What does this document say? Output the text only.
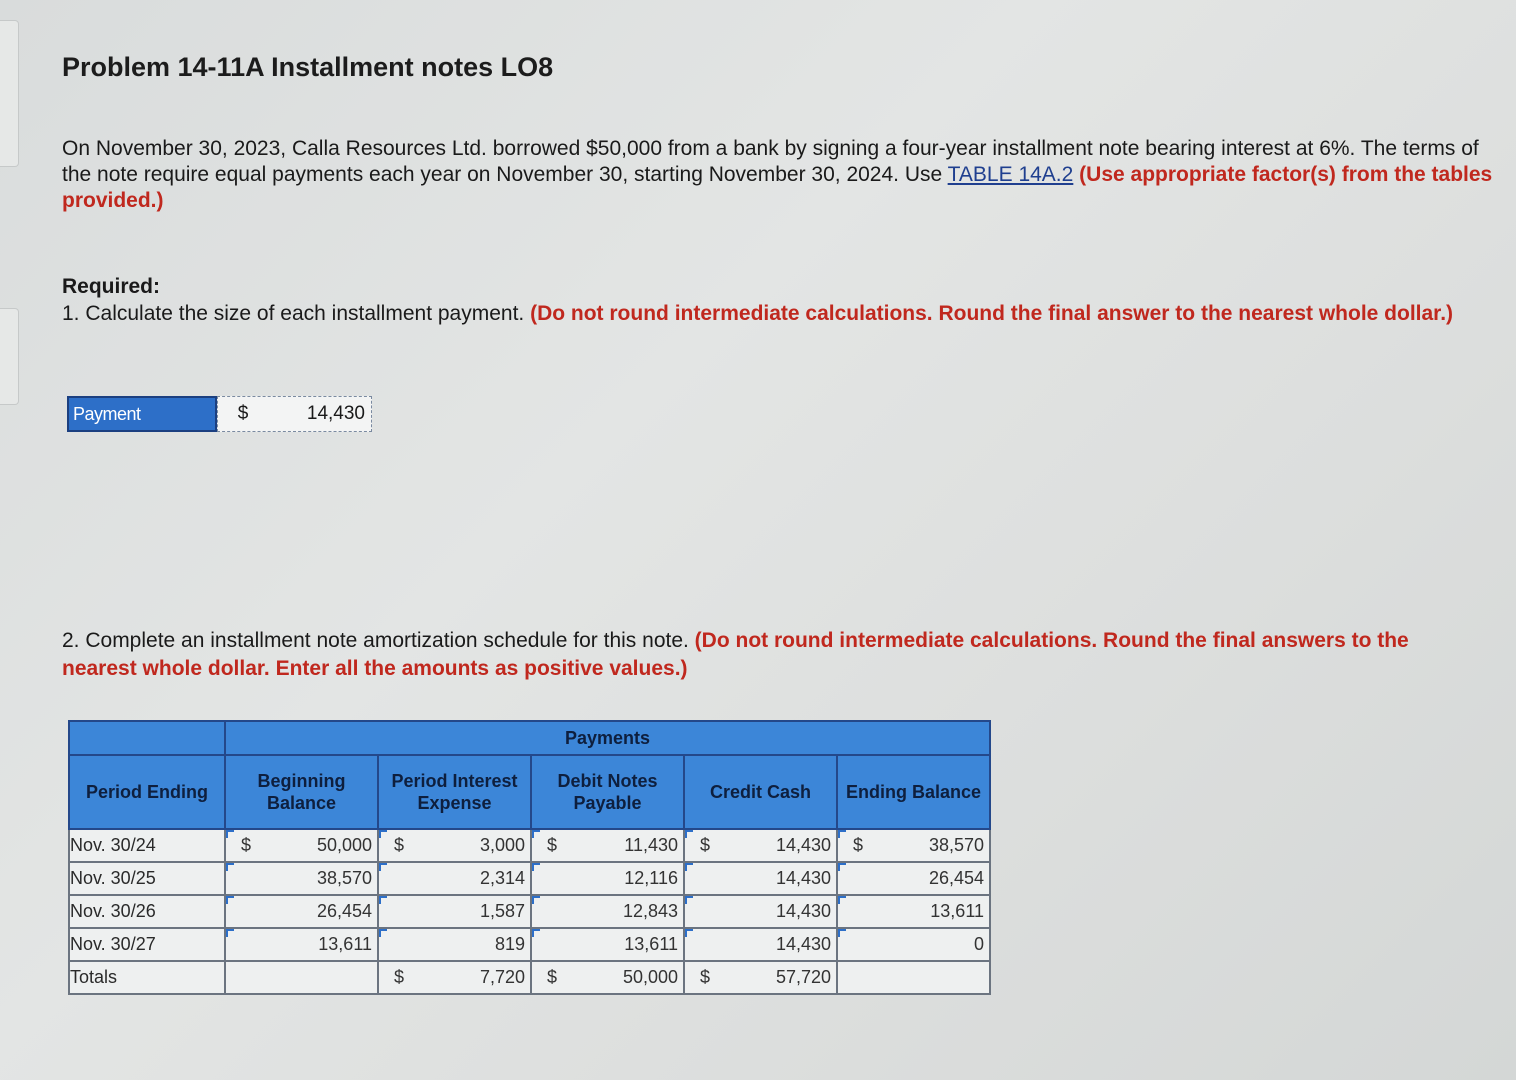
Problem 14-11A Installment notes LO8
On November 30, 2023, Calla Resources Ltd. borrowed $50,000 from a bank by signing a four-year installment note bearing interest at 6%. The terms of the note require equal payments each year on November 30, starting November 30, 2024. Use TABLE 14A.2 (Use appropriate factor(s) from the tables provided.)
Required:
1. Calculate the size of each installment payment. (Do not round intermediate calculations. Round the final answer to the nearest whole dollar.)
Payment	$	14,430
2. Complete an installment note amortization schedule for this note. (Do not round intermediate calculations. Round the final answers to the nearest whole dollar. Enter all the amounts as positive values.)
	Payments				
Period Ending	Beginning Balance	Period Interest Expense	Debit Notes Payable	Credit Cash	Ending Balance
Nov. 30/24	$ 50,000	$ 3,000	$ 11,430	$ 14,430	$ 38,570

Nov. 30/25	38,570	2,314	12,116	14,430	26,454

Nov. 30/26	26,454	1,587	12,843	14,430	13,611

Nov. 30/27	13,611	819	13,611	14,430	0

Totals		$ 7,720	$ 50,000	$ 57,720	
